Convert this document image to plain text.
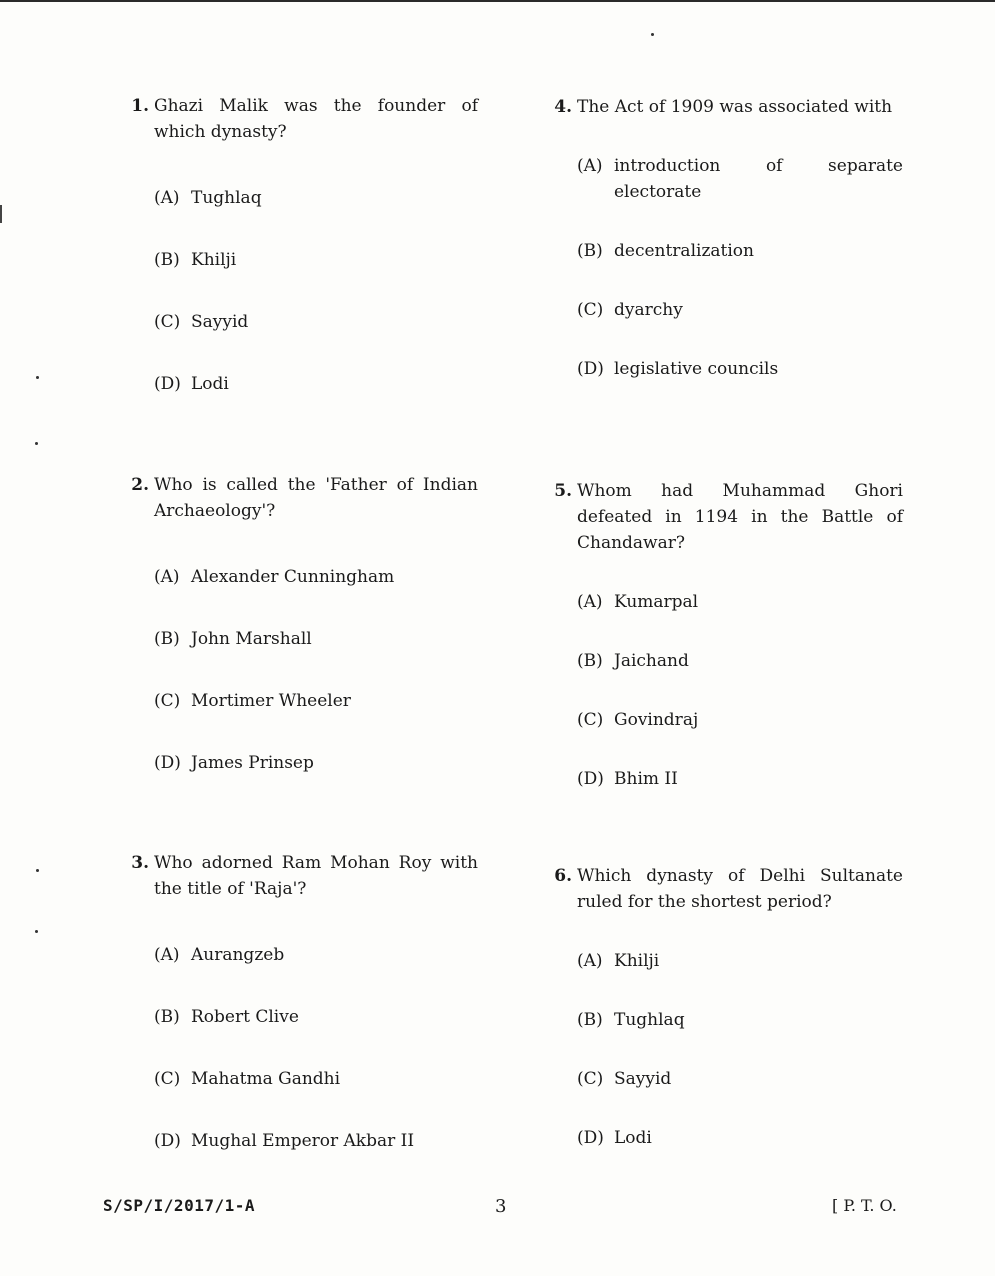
1. Ghazi Malik was the founder of which dynasty?
(A) Tughlaq
(B) Khilji
(C) Sayyid
(D) Lodi
2. Who is called the 'Father of Indian Archaeology'?
(A) Alexander Cunningham
(B) John Marshall
(C) Mortimer Wheeler
(D) James Prinsep
3. Who adorned Ram Mohan Roy with the title of 'Raja'?
(A) Aurangzeb
(B) Robert Clive
(C) Mahatma Gandhi
(D) Mughal Emperor Akbar II
4. The Act of 1909 was associated with
(A) introduction of separate electorate
(B) decentralization
(C) dyarchy
(D) legislative councils
5. Whom had Muhammad Ghori defeated in 1194 in the Battle of Chandawar?
(A) Kumarpal
(B) Jaichand
(C) Govindraj
(D) Bhim II
6. Which dynasty of Delhi Sultanate ruled for the shortest period?
(A) Khilji
(B) Tughlaq
(C) Sayyid
(D) Lodi
S/SP/I/2017/1-A	3	[ P. T. O.
